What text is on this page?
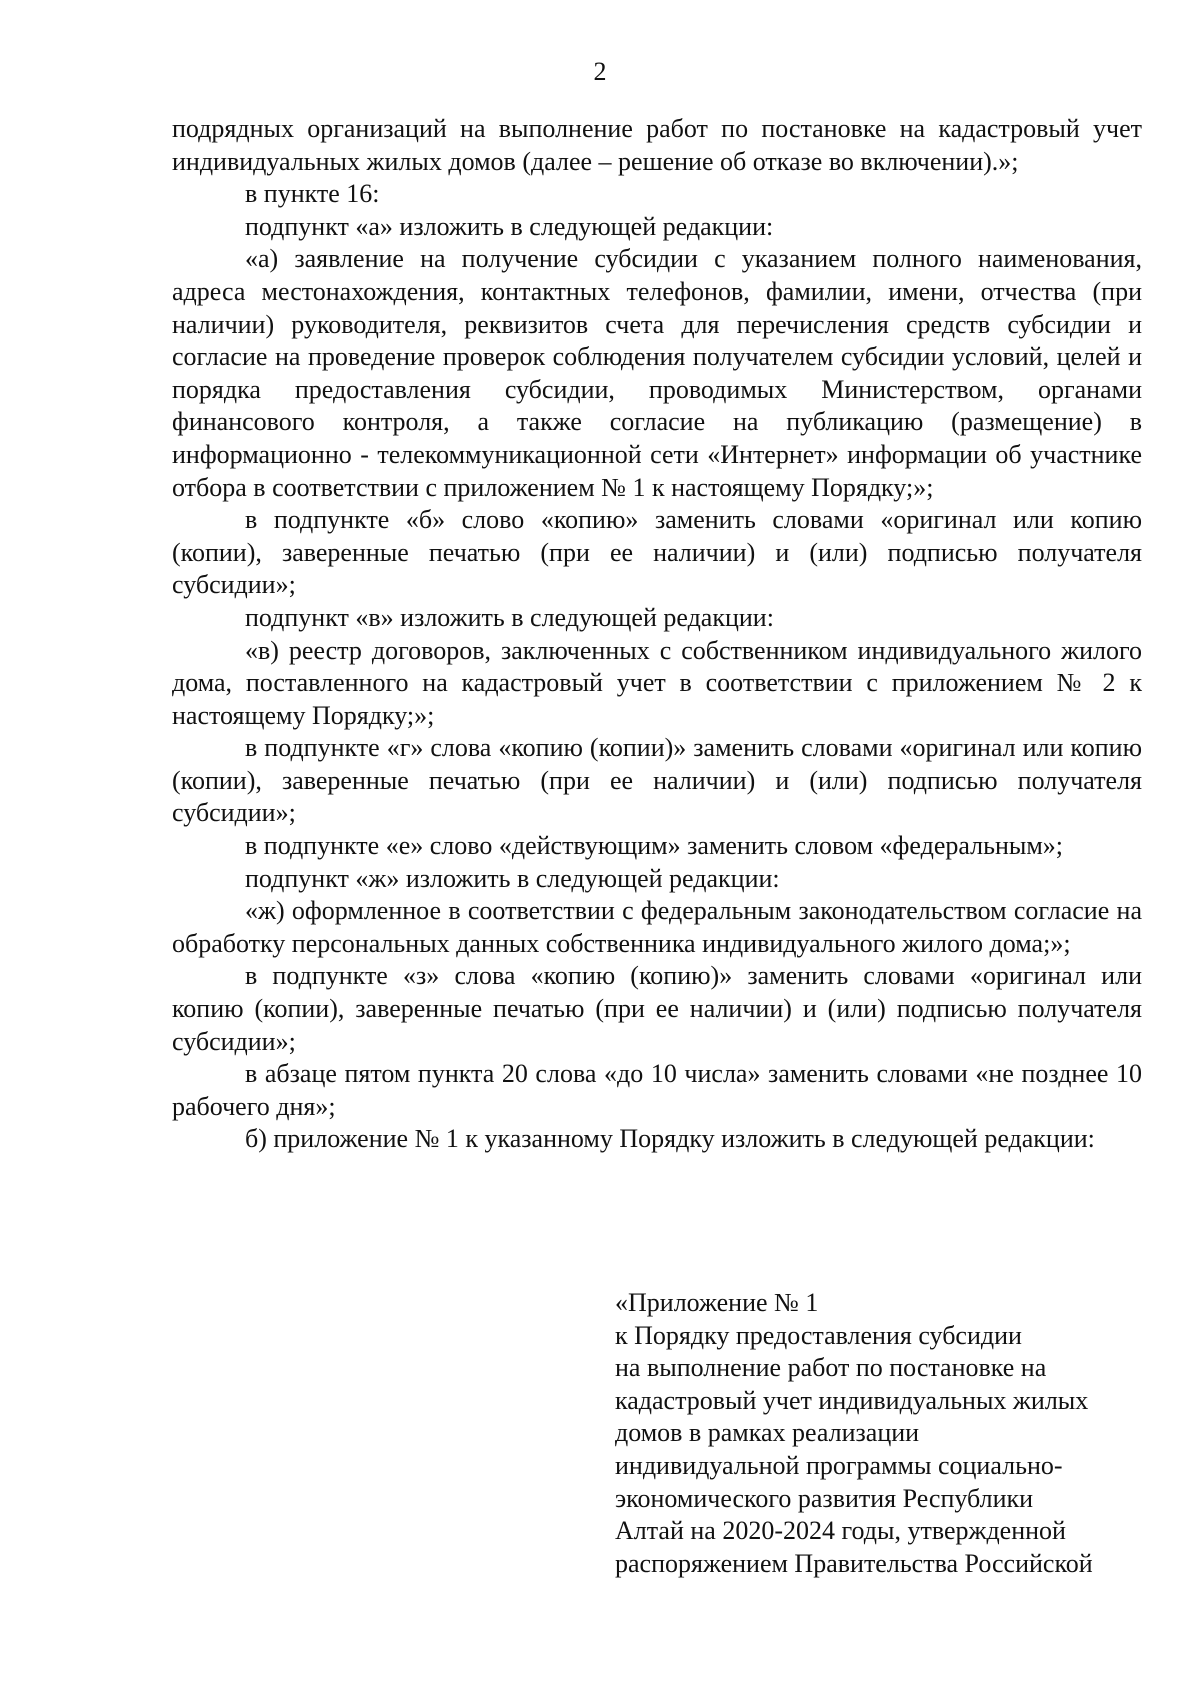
2

подрядных организаций на выполнение работ по постановке на кадастровый учет индивидуальных жилых домов (далее – решение об отказе во включении).»;

в пункте 16:

подпункт «а» изложить в следующей редакции:

«а) заявление на получение субсидии с указанием полного наименования, адреса местонахождения, контактных телефонов, фамилии, имени, отчества (при наличии) руководителя, реквизитов счета для перечисления средств субсидии и согласие на проведение проверок соблюдения получателем субсидии условий, целей и порядка предоставления субсидии, проводимых Министерством, органами финансового контроля, а также согласие на публикацию (размещение) в информационно - телекоммуникационной сети «Интернет» информации об участнике отбора в соответствии с приложением № 1 к настоящему Порядку;»;

в подпункте «б» слово «копию» заменить словами «оригинал или копию (копии), заверенные печатью (при ее наличии) и (или) подписью получателя субсидии»;

подпункт «в» изложить в следующей редакции:

«в) реестр договоров, заключенных с собственником индивидуального жилого дома, поставленного на кадастровый учет в соответствии с приложением № 2 к настоящему Порядку;»;

в подпункте «г» слова «копию (копии)» заменить словами «оригинал или копию (копии), заверенные печатью (при ее наличии) и (или) подписью получателя субсидии»;

в подпункте «е» слово «действующим» заменить словом «федеральным»;

подпункт «ж» изложить в следующей редакции:

«ж) оформленное в соответствии с федеральным законодательством согласие на обработку персональных данных собственника индивидуального жилого дома;»;

в подпункте «з» слова «копию (копию)» заменить словами «оригинал или копию (копии), заверенные печатью (при ее наличии) и (или) подписью получателя субсидии»;

в абзаце пятом пункта 20 слова «до 10 числа» заменить словами «не позднее 10 рабочего дня»;

б) приложение № 1 к указанному Порядку изложить в следующей редакции:

«Приложение № 1

к Порядку предоставления субсидии

на выполнение работ по постановке на

кадастровый учет индивидуальных жилых

домов в рамках реализации

индивидуальной программы социально-

экономического развития Республики

Алтай на 2020-2024 годы, утвержденной

распоряжением Правительства Российской
